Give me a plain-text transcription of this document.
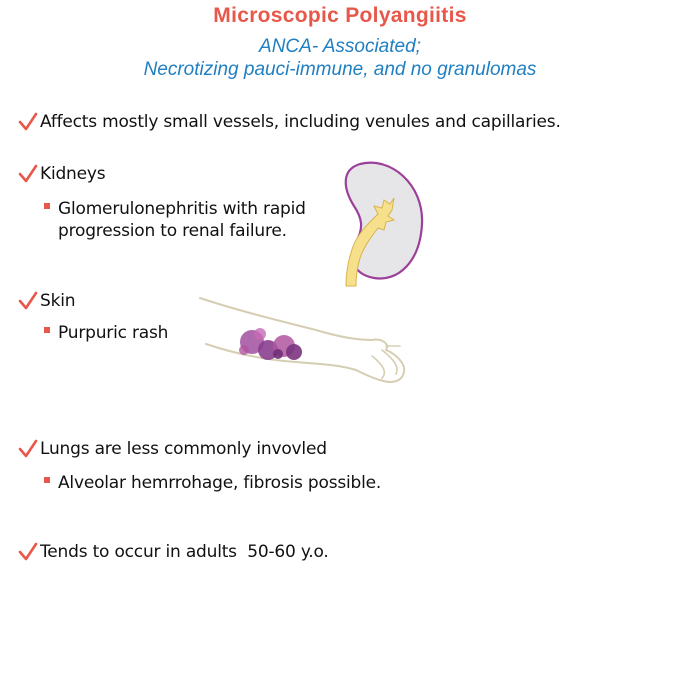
Microscopic Polyangiitis
ANCA- Associated;
Necrotizing pauci-immune, and no granulomas
Affects mostly small vessels, including venules and capillaries.
Kidneys
Glomerulonephritis with rapid
progression to renal failure.
Skin
Purpuric rash
Lungs are less commonly invovled
Alveolar hemrrohage, fibrosis possible.
Tends to occur in adults  50-60 y.o.
